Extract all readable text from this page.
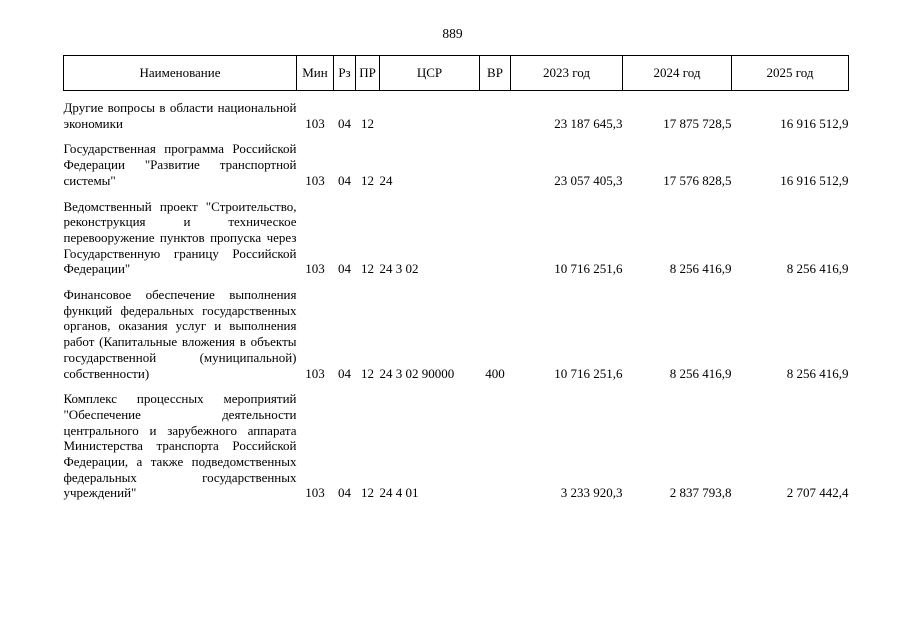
889
Наименование	Мин	Рз	ПР	ЦСР	ВР	2023 год	2024 год	2025 год

Другие вопросы в области национальной экономики	103	04	12			23 187 645,3	17 875 728,5	16 916 512,9

Государственная программа Российской Федерации "Развитие транспортной системы"	103	04	12	24		23 057 405,3	17 576 828,5	16 916 512,9

Ведомственный проект "Строительство, реконструкция и техническое перевооружение пунктов пропуска через Государственную границу Российской Федерации"	103	04	12	24 3 02		10 716 251,6	8 256 416,9	8 256 416,9

Финансовое обеспечение выполнения функций федеральных государственных органов, оказания услуг и выполнения работ (Капитальные вложения в объекты государственной (муниципальной) собственности)	103	04	12	24 3 02 90000	400	10 716 251,6	8 256 416,9	8 256 416,9

Комплекс процессных мероприятий "Обеспечение деятельности центрального и зарубежного аппарата Министерства транспорта Российской Федерации, а также подведомственных федеральных государственных учреждений"	103	04	12	24 4 01		3 233 920,3	2 837 793,8	2 707 442,4
